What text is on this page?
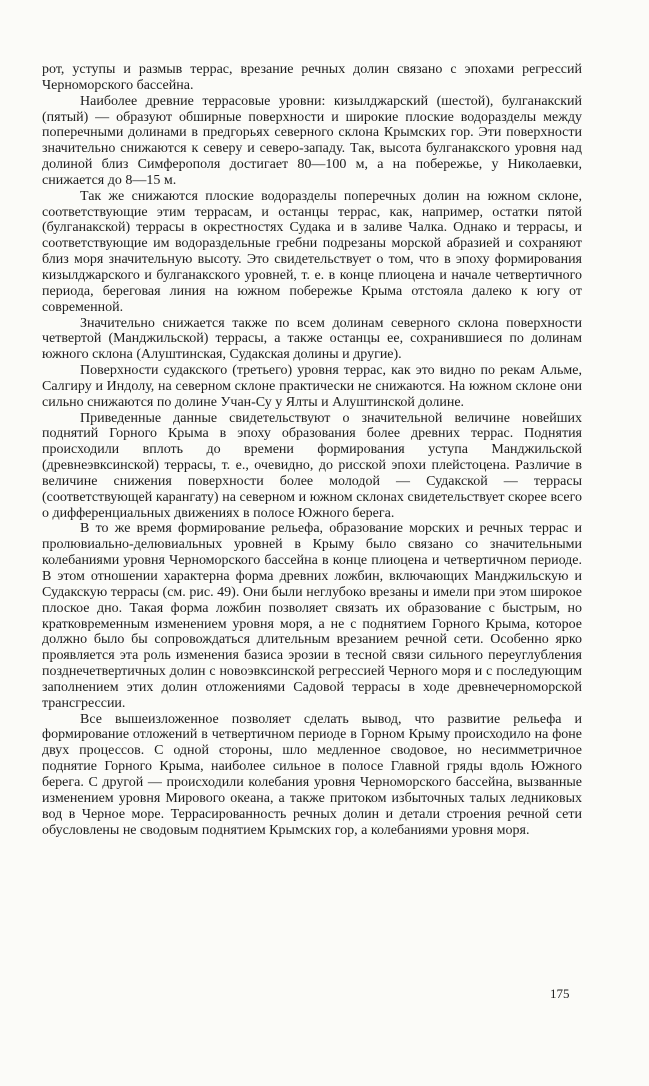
рот, уступы и размыв террас, врезание речных долин связано с эпохами регрессий Черноморского бассейна.

Наиболее древние террасовые уровни: кизылджарский (шестой), булганакский (пятый) — образуют обширные поверхности и широкие плоские водоразделы между поперечными долинами в предгорьях северного склона Крымских гор. Эти поверхности значительно снижаются к северу и северо-западу. Так, высота булганакского уровня над долиной близ Симферополя достигает 80—100 м, а на побережье, у Николаевки, снижается до 8—15 м.

Так же снижаются плоские водоразделы поперечных долин на южном склоне, соответствующие этим террасам, и останцы террас, как, например, остатки пятой (булганакской) террасы в окрестностях Судака и в заливе Чалка. Однако и террасы, и соответствующие им водораздельные гребни подрезаны морской абразией и сохраняют близ моря значительную высоту. Это свидетельствует о том, что в эпоху формирования кизылджарского и булганакского уровней, т. е. в конце плиоцена и начале четвертичного периода, береговая линия на южном побережье Крыма отстояла далеко к югу от современной.

Значительно снижается также по всем долинам северного склона поверхности четвертой (Манджильской) террасы, а также останцы ее, сохранившиеся по долинам южного склона (Алуштинская, Судакская долины и другие).

Поверхности судакского (третьего) уровня террас, как это видно по рекам Альме, Салгиру и Индолу, на северном склоне практически не снижаются. На южном склоне они сильно снижаются по долине Учан-Су у Ялты и Алуштинской долине.

Приведенные данные свидетельствуют о значительной величине новейших поднятий Горного Крыма в эпоху образования более древних террас. Поднятия происходили вплоть до времени формирования уступа Манджильской (древнеэвксинской) террасы, т. е., очевидно, до рисской эпохи плейстоцена. Различие в величине снижения поверхности более молодой — Судакской — террасы (соответствующей карангату) на северном и южном склонах свидетельствует скорее всего о дифференциальных движениях в полосе Южного берега.

В то же время формирование рельефа, образование морских и речных террас и пролювиально-делювиальных уровней в Крыму было связано со значительными колебаниями уровня Черноморского бассейна в конце плиоцена и четвертичном периоде. В этом отношении характерна форма древних ложбин, включающих Манджильскую и Судакскую террасы (см. рис. 49). Они были неглубоко врезаны и имели при этом широкое плоское дно. Такая форма ложбин позволяет связать их образование с быстрым, но кратковременным изменением уровня моря, а не с поднятием Горного Крыма, которое должно было бы сопровождаться длительным врезанием речной сети. Особенно ярко проявляется эта роль изменения базиса эрозии в тесной связи сильного переуглубления позднечетвертичных долин с новоэвксинской регрессией Черного моря и с последующим заполнением этих долин отложениями Садовой террасы в ходе древнечерноморской трансгрессии.

Все вышеизложенное позволяет сделать вывод, что развитие рельефа и формирование отложений в четвертичном периоде в Горном Крыму происходило на фоне двух процессов. С одной стороны, шло медленное сводовое, но несимметричное поднятие Горного Крыма, наиболее сильное в полосе Главной гряды вдоль Южного берега. С другой — происходили колебания уровня Черноморского бассейна, вызванные изменением уровня Мирового океана, а также притоком избыточных талых ледниковых вод в Черное море. Террасированность речных долин и детали строения речной сети обусловлены не сводовым поднятием Крымских гор, а колебаниями уровня моря.

175
